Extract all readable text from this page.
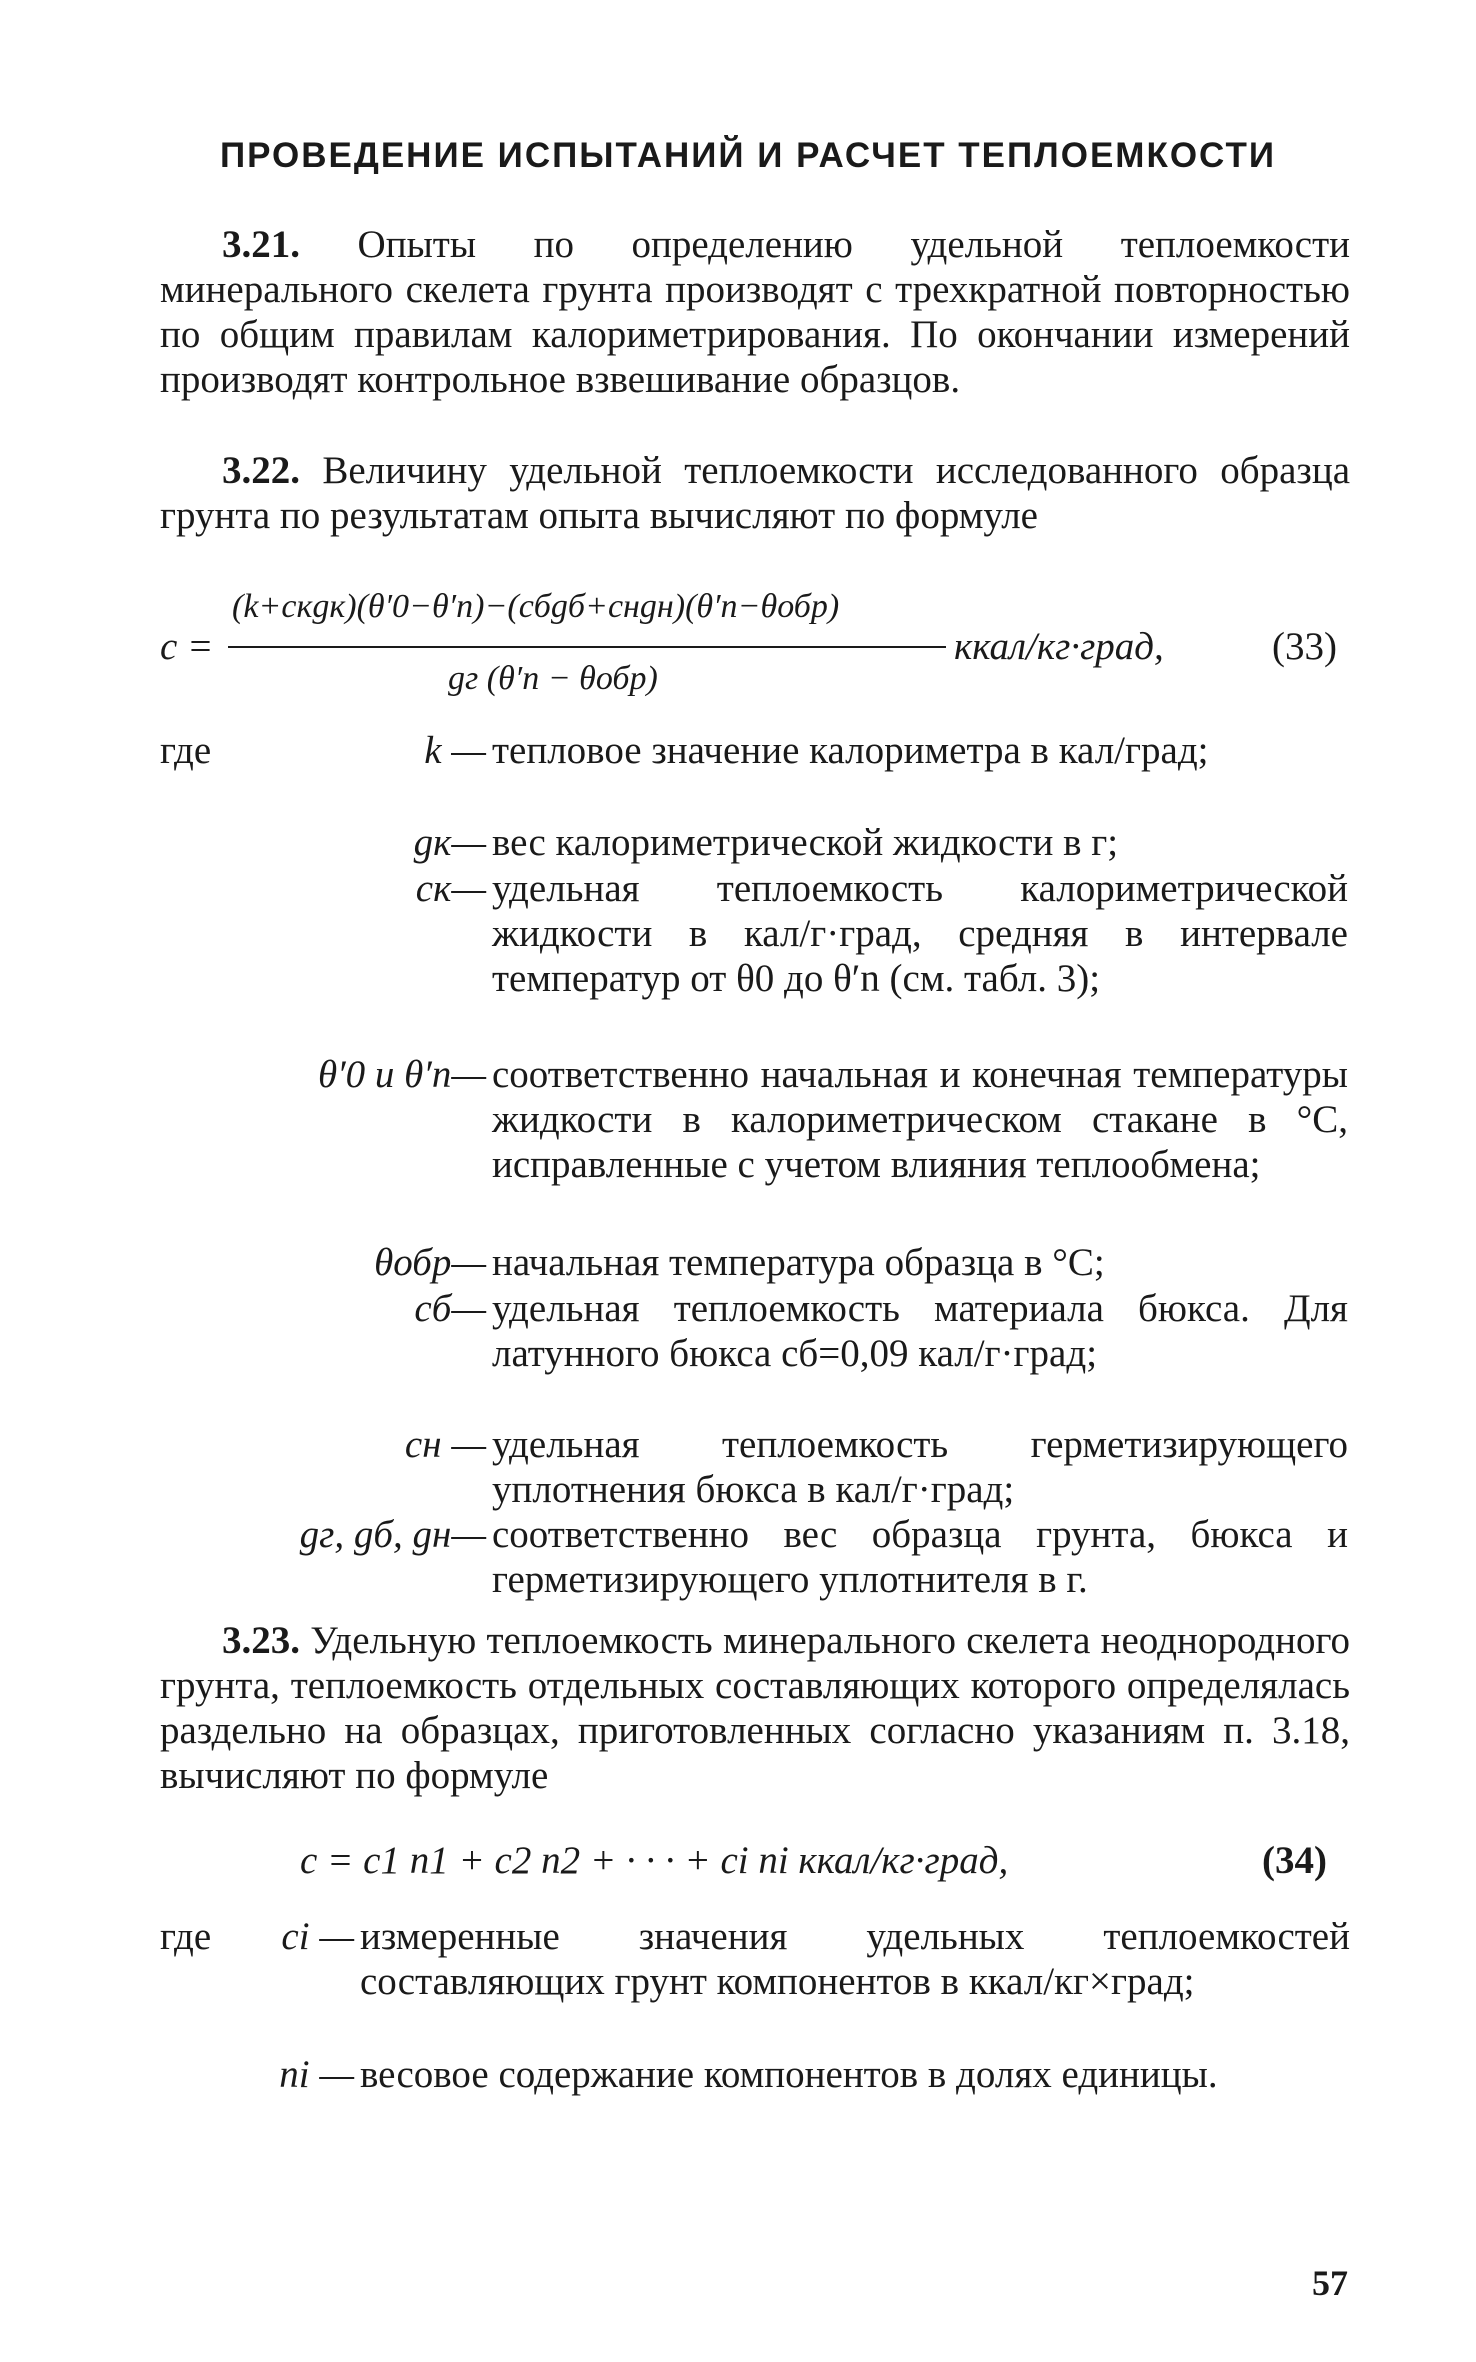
ПРОВЕДЕНИЕ ИСПЫТАНИЙ И РАСЧЕТ ТЕПЛОЕМКОСТИ
3.21. Опыты по определению удельной теплоемкости минерального скелета грунта производят с трехкратной повторностью по общим правилам калориметрирования. По окончании измерений производят контрольное взвешивание образцов.
3.22. Величину удельной теплоемкости исследованного образца грунта по результатам опыта вычисляют по формуле
c =
(k+cкgк)(θ′0−θ′n)−(cбgб+cнgн)(θ′n−θобр)
gг (θ′n − θобр)
ккал/кг·град,	(33)
где	k — тепловое значение калориметра в кал/град;
gк— вес калориметрической жидкости в г;
cк— удельная теплоемкость калориметрической жидкости в кал/г·град, средняя в интервале температур от θ0 до θ′n (см. табл. 3);
θ′0 и θ′n— соответственно начальная и конечная температуры жидкости в калориметрическом стакане в °С, исправленные с учетом влияния теплообмена;
θобр— начальная температура образца в °С;
cб— удельная теплоемкость материала бюкса. Для латунного бюкса cб=0,09 кал/г·град;
cн — удельная теплоемкость герметизирующего уплотнения бюкса в кал/г·град;
gг, gб, gн— соответственно вес образца грунта, бюкса и герметизирующего уплотнителя в г.
3.23. Удельную теплоемкость минерального скелета неоднородного грунта, теплоемкость отдельных составляющих которого определялась раздельно на образцах, приготовленных согласно указаниям п. 3.18, вычисляют по формуле
c = c1 n1 + c2 n2 + · · · + ci ni ккал/кг·град,	(34)
где	ci — измеренные значения удельных теплоемкостей составляющих грунт компонентов в ккал/кг×град;
ni — весовое содержание компонентов в долях единицы.
57
